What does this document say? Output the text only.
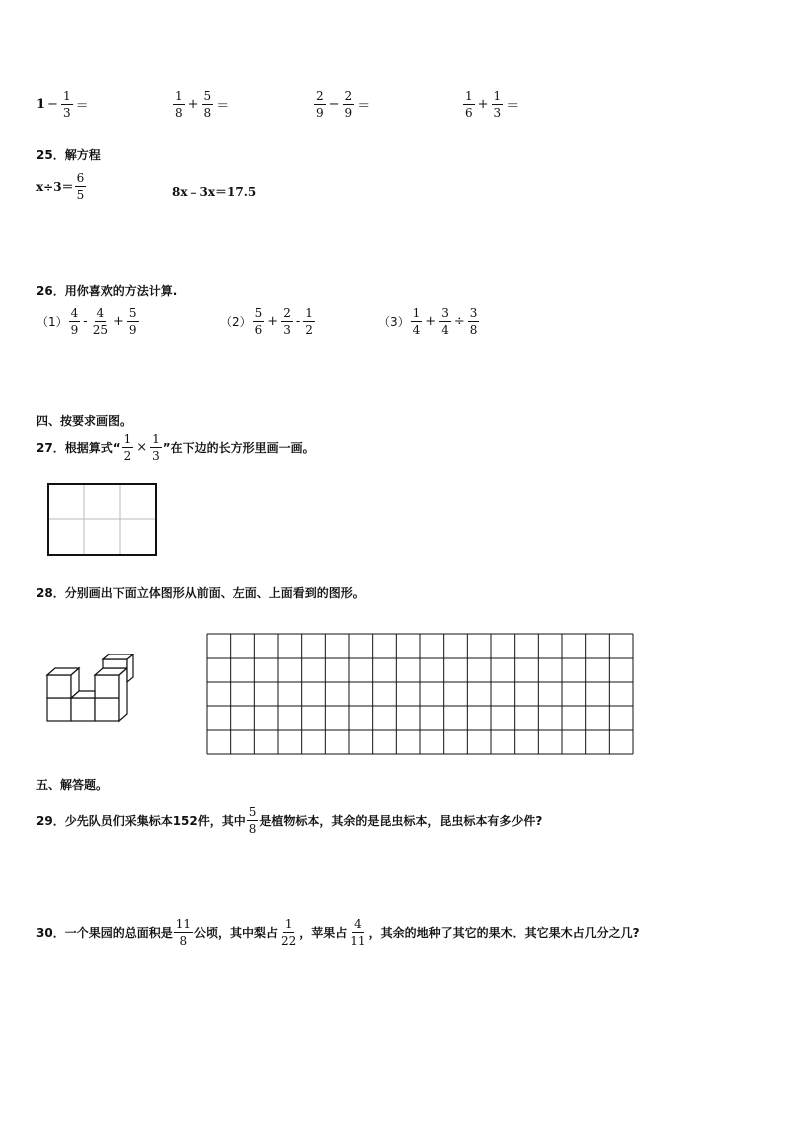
$1 - \frac{1}{3}$ ＝	$\frac{1}{8} + \frac{5}{8}$ ＝	$\frac{2}{9} - \frac{2}{9}$ ＝	$\frac{1}{6} + \frac{1}{3}$ ＝
25．解方程
$x\div 3= \frac{6}{5}$	8x﹣3x＝17.5
26．用你喜欢的方法计算.
$(1) \frac{4}{9} - \frac{4}{25} + \frac{5}{9}$	$(2) \frac{5}{6} + \frac{2}{3} - \frac{1}{2}$	$(3) \frac{1}{4} + \frac{3}{4} \div \frac{3}{8}$
四、按要求画图。
27．根据算式“ $\frac{1}{2} \times \frac{1}{3}$ ”在下边的长方形里画一画。
28．分别画出下面立体图形从前面、左面、上面看到的图形。
五、解答题。
29．少先队员们采集标本152件，其中 $\frac{5}{8}$ 是植物标本，其余的是昆虫标本，昆虫标本有多少件?
30．一个果园的总面积是 $\frac{11}{8}$ 公顷，其中梨占 $\frac{1}{22}$ ，苹果占 $\frac{4}{11}$ ，其余的地种了其它的果木．其它果木占几分之几?
